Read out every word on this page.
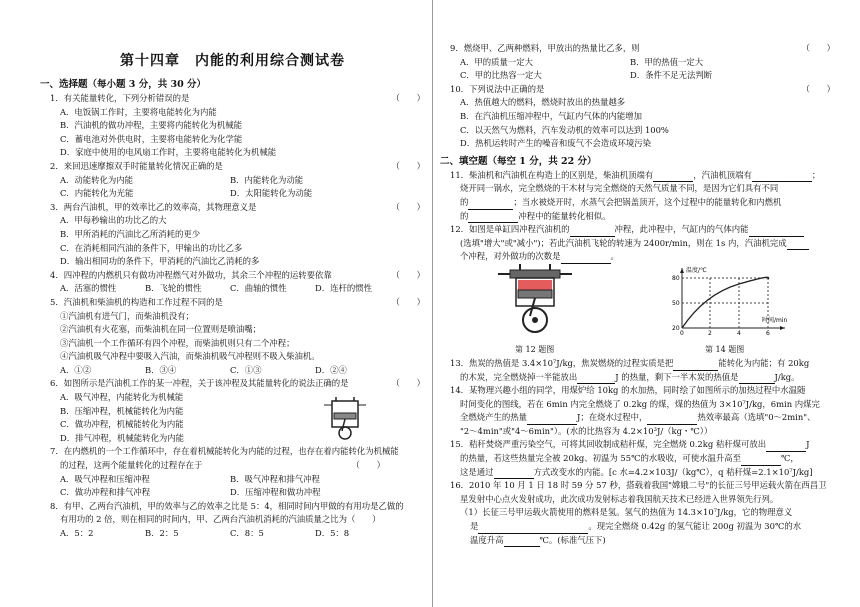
第十四章　内能的利用综合测试卷
一、选择题（每小题 3 分，共 30 分）
1．有关能量转化，下列分析错误的是	（　　）
A．电饭锅工作时，主要将电能转化为内能
B．汽油机的做功冲程，主要将内能转化为机械能
C．蓄电池对外供电时，主要将电能转化为化学能
D．家庭中使用的电风扇工作时，主要将电能转化为机械能
2．来回迅速摩擦双手时能量转化情况正确的是	（　　）
A．动能转化为内能	B．内能转化为动能
C．内能转化为光能	D．太阳能转化为动能
3．两台汽油机，甲的效率比乙的效率高，其物理意义是	（　　）
A．甲每秒输出的功比乙的大
B．甲所消耗的汽油比乙所消耗的更少
C．在消耗相同汽油的条件下，甲输出的功比乙多
D．输出相同功的条件下，甲消耗的汽油比乙消耗的多
4．四冲程的内燃机只有做功冲程燃气对外做功，其余三个冲程的运转要依靠	（　　）
A．活塞的惯性	B．飞轮的惯性	C．曲轴的惯性	D．连杆的惯性
5．汽油机和柴油机的构造和工作过程不同的是	（　　）
①汽油机有进气门，而柴油机没有；
②汽油机有火花塞，而柴油机在同一位置则是喷油嘴；
③汽油机一个工作循环有四个冲程，而柴油机则只有二个冲程；
④汽油机吸气冲程中要吸入汽油，而柴油机吸气冲程则不吸入柴油机。
A．①②	B．③④	C．①③	D．②④
6．如图所示是汽油机工作的某一冲程，关于该冲程及其能量转化的说法正确的是	（　　）
A．吸气冲程，内能转化为机械能
B．压缩冲程，机械能转化为内能
C．做功冲程，机械能转化为内能
D．排气冲程，机械能转化为内能
7．在内燃机的一个工作循环中，存在着机械能转化为内能的过程，也存在着内能转化为机械能
的过程，这两个能量转化的过程存在于	（　　）
A．吸气冲程和压缩冲程	B．吸气冲程和排气冲程
C．做功冲程和排气冲程	D．压缩冲程和做功冲程
8．有甲、乙两台汽油机，甲的效率与乙的效率之比是 5：4，相同时间内甲做的有用功是乙做的
有用功的 2 倍，则在相同的时间内，甲、乙两台汽油机消耗的汽油质量之比为（　　）
A．5：2	B．2：5	C．8：5	D．5：8
9．燃烧甲、乙两种燃料，甲放出的热量比乙多，则	（　　）
A．甲的质量一定大	B．甲的热值一定大
C．甲的比热容一定大	D．条件不足无法判断
10．下列说法中正确的是	（　　）
A．热值越大的燃料，燃烧时放出的热量越多
B．在汽油机压缩冲程中，气缸内气体的内能增加
C．以天然气为燃料，汽车发动机的效率可以达到 100%
D．热机运转时产生的噪音和废气不会造成环境污染
二、填空题（每空 1 分，共 22 分）
11．柴油机和汽油机在构造上的区别是，柴油机顶端有	，汽油机顶端有	；
烧开同一锅水，完全燃烧的干木材与完全燃烧的天然气质量不同，是因为它们具有不同
的	；当水被烧开时，水蒸气会把锅盖顶开，这个过程中的能量转化和内燃机
的	冲程中的能量转化相似。
12．如图是单缸四冲程汽油机的	冲程，此冲程中，气缸内的气体内能
(选填"增大"或"减小")；若此汽油机飞轮的转速为 2400r/min，则在 1s 内，汽油机完成
个冲程，对外做功的次数是	。
温度/℃
时间/min
80
50
20
0	2	4	6
第 12 题图	第 14 题图
13．焦炭的热值是 3.4×10⁷J/kg，焦炭燃烧的过程实质是把	能转化为内能；有 20kg
的木炭，完全燃烧掉一半能放出	J 的热量，剩下一半木炭的热值是	J/kg。
14．某物理兴趣小组的同学，用煤炉给 10kg 的水加热，同时绘了如图所示的加热过程中水温随
时间变化的图线，若在 6min 内完全燃烧了 0.2kg 的煤，煤的热值为 3×10⁷J/kg，6min 内煤完
全燃烧产生的热量	J；在烧水过程中，	热效率最高（选填"0～2min"、
"2～4min"或"4～6min"）。(水的比热容为 4.2×10³J/（kg・℃））
15．秸秆焚烧严重污染空气，可将其回收制成秸秆煤，完全燃烧 0.2kg 秸秆煤可放出	J
的热量，若这些热量完全被 20kg、初温为 55℃的水吸收，可使水温升高至	℃，
这是通过	方式改变水的内能。[c 水=4.2×103J/（kg℃），q 秸秆煤=2.1×10⁷J/kg]
16．2010 年 10 月 1 日 18 时 59 分 57 秒，搭载着我国"嫦娥二号"的长征三号甲运载火箭在西昌卫
星发射中心点火发射成功，此次成功发射标志着我国航天技术已经进入世界领先行列。
（1）长征三号甲运载火箭使用的燃料是氢。氢气的热值为 14.3×10⁷J/kg，它的物理意义
是	。现完全燃烧 0.42g 的氢气能让 200g 初温为 30℃的水
温度升高	℃。(标准气压下)
